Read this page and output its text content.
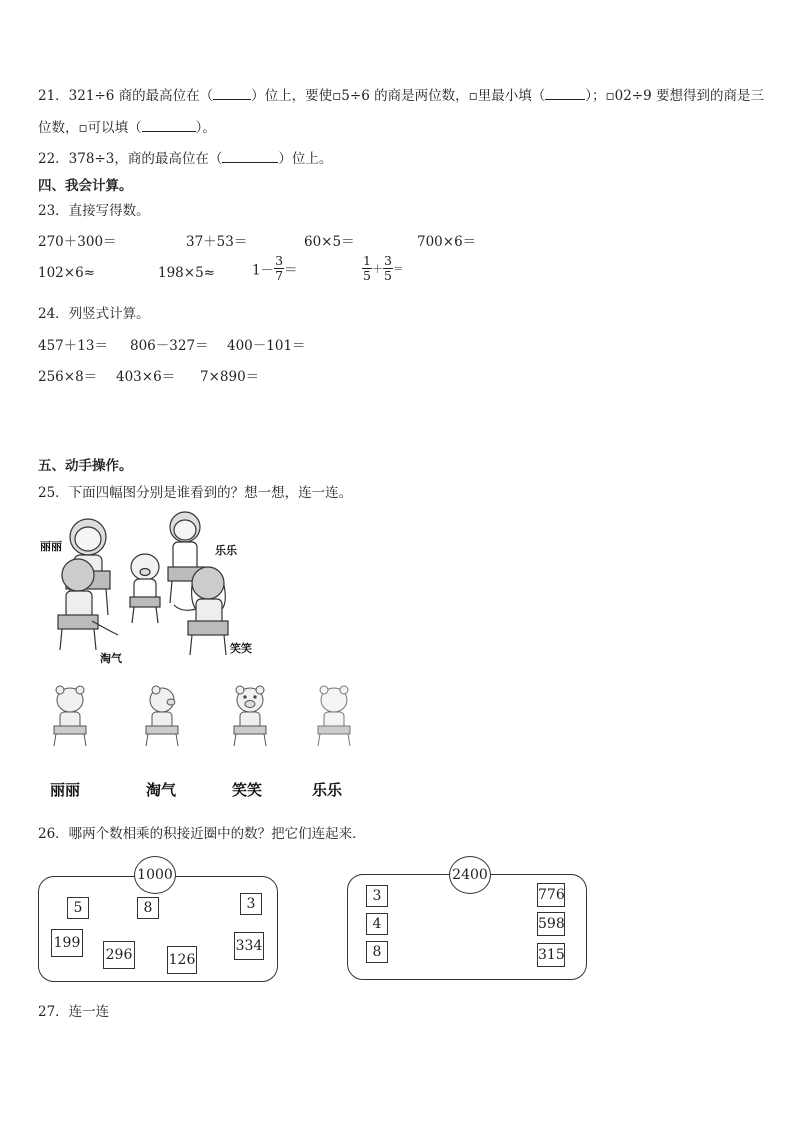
21．321÷6 商的最高位在（	）位上，要使▫5÷6 的商是两位数，▫里最小填（	）；▫02÷9 要想得到的商是三
位数，▫可以填（	）。
22．378÷3，商的最高位在（	）位上。
四、我会计算。
23．直接写得数。
270＋300＝	37＋53＝	60×5＝	700×6＝
102×6≈	198×5≈	$1- \frac{3}{7}$ ＝	$\frac{1}{5} + \frac{3}{5}$ ＝
24．列竖式计算。
457＋13＝ 806－327＝ 400－101＝
256×8＝ 403×6＝ 7×890＝
五、动手操作。
25．下面四幅图分别是谁看到的？想一想，连一连。
丽丽	乐乐
淘气
笑笑
丽丽	淘气	笑笑	乐乐
26．哪两个数相乘的积接近圈中的数？把它们连起来．
1000
5	8	3
199
296	126
334
2400
3
4
8
776
598
315
27．连一连
